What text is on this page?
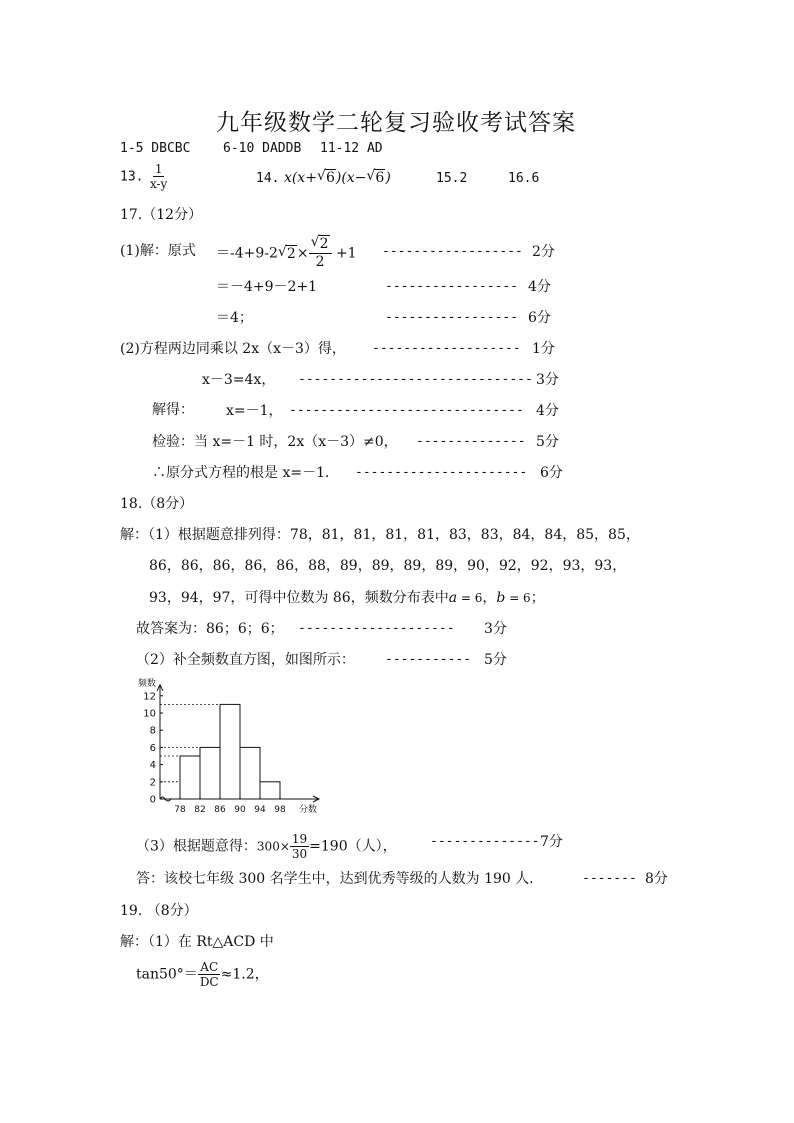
九年级数学二轮复习验收考试答案
1-5 DBCBC	6-10 DADDB 11-12 AD
13. $\frac{1}{x-y}$	14. x(x+ √ 6)(x− √ 6)	15.2	16.6
17.（12分）
(1)解：原式 ＝-4+9-2 √ 2× √ $\frac{2}{2} +1$ ------------------ 2分
＝－4+9－2+1	----------------- 4分
＝4；	----------------- 6分
(2)方程两边同乘以 2x（x－3）得， ------------------- 1分
x－3=4x， ------------------------------ 3分
解得： x=－1， ------------------------------ 4分
检验：当 x=－1 时，2x（x－3）≠0， -------------- 5分
∴原分式方程的根是 x=－1． ---------------------- 6分
18.（8分）
解：（1）根据题意排列得：78，81，81，81，81，83，83，84，84，85，85，
86，86，86，86，86，88，89，89，89，89，90，92，92，93，93，
93，94，97，可得中位数为 86，频数分布表中a = 6，b = 6；
故答案为：86；6；6； -------------------- 3分
（2）补全频数直方图，如图所示： ----------- 5分
0
2
4
6
8
10
12
频数
78 82 86 90 94 98 分数
（3）根据题意得：$300\times \frac{19}{30} =190$（人），	-------------- 7分
答：该校七年级 300 名学生中，达到优秀等级的人数为 190 人．	------- 8分
19. （8分）
解：（1）在 Rt△ACD 中
$\tan 50^\circ= \frac{AC}{DC} \approx 1.2$，
